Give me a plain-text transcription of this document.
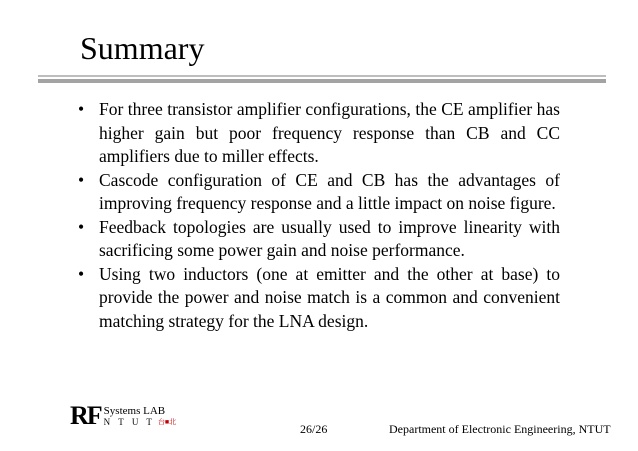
Summary
• For three transistor amplifier configurations, the CE amplifier has higher gain but poor frequency response than CB and CC amplifiers due to miller effects.
• Cascode configuration of CE and CB has the advantages of improving frequency response and a little impact on noise figure.
• Feedback topologies are usually used to improve linearity with sacrificing some power gain and noise performance.
• Using two inductors (one at emitter and the other at base) to provide the power and noise match is a common and convenient matching strategy for the LNA design.
RF Systems LAB
N T U T 台■北	26/26	Department of Electronic Engineering, NTUT
